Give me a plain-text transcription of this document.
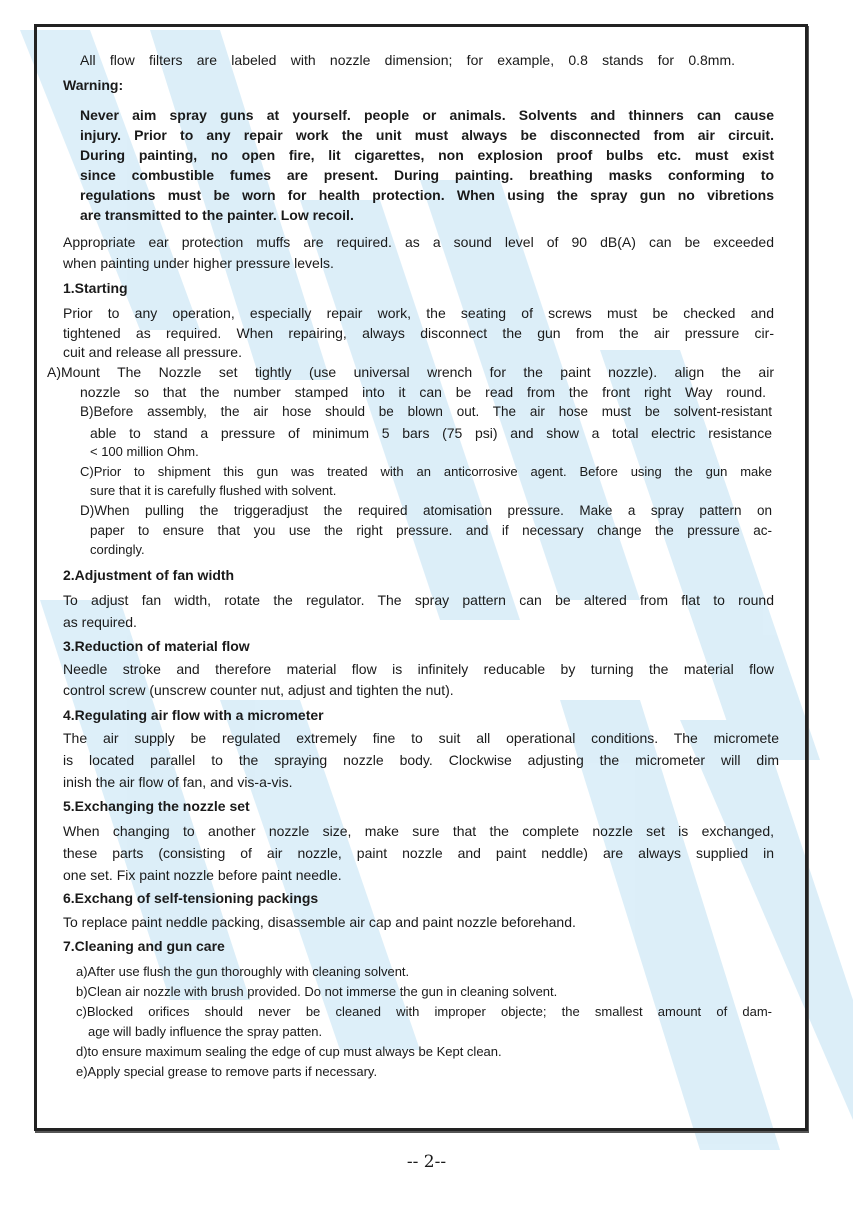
All flow filters are labeled with nozzle dimension; for example, 0.8 stands for 0.8mm.
Warning:
Never aim spray guns at yourself. people or animals. Solvents and thinners can cause
injury. Prior to any repair work the unit must always be disconnected from air circuit.
During painting, no open fire, lit cigarettes, non explosion proof bulbs etc. must exist
since combustible fumes are present. During painting. breathing masks conforming to
regulations must be worn for health protection. When using the spray gun no vibretions
are transmitted to the painter. Low recoil.
Appropriate ear protection muffs are required. as a sound level of 90 dB(A) can be exceeded
when painting under higher pressure levels.
1.Starting
Prior to any operation, especially repair work, the seating of screws must be checked and
tightened as required. When repairing, always disconnect the gun from the air pressure cir-
cuit and release all pressure.
A)Mount The Nozzle set tightly (use universal wrench for the paint nozzle). align the air
nozzle so that the number stamped into it can be read from the front right Way round.
B)Before assembly, the air hose should be blown out. The air hose must be solvent-resistant
able to stand a pressure of minimum 5 bars (75 psi) and show a total electric resistance
< 100 million Ohm.
C)Prior to shipment this gun was treated with an anticorrosive agent. Before using the gun make
sure that it is carefully flushed with solvent.
D)When pulling the triggeradjust the required atomisation pressure. Make a spray pattern on
paper to ensure that you use the right pressure. and if necessary change the pressure ac-
cordingly.
2.Adjustment of fan width
To adjust fan width, rotate the regulator. The spray pattern can be altered from flat to round
as required.
3.Reduction of material flow
Needle stroke and therefore material flow is infinitely reducable by turning the material flow
control screw (unscrew counter nut, adjust and tighten the nut).
4.Regulating air flow with a micrometer
The air supply be regulated extremely fine to suit all operational conditions. The micromete
is located parallel to the spraying nozzle body. Clockwise adjusting the micrometer will dim
inish the air flow of fan, and vis-a-vis.
5.Exchanging the nozzle set
When changing to another nozzle size, make sure that the complete nozzle set is exchanged,
these parts (consisting of air nozzle, paint nozzle and paint neddle) are always supplied in
one set. Fix paint nozzle before paint needle.
6.Exchang of self-tensioning packings
To replace paint neddle packing, disassemble air cap and paint nozzle beforehand.
7.Cleaning and gun care
a)After use flush the gun thoroughly with cleaning solvent.
b)Clean air nozzle with brush provided. Do not immerse the gun in cleaning solvent.
c)Blocked orifices should never be cleaned with improper objecte; the smallest amount of dam-
age will badly influence the spray patten.
d)to ensure maximum sealing the edge of cup must always be Kept clean.
e)Apply special grease to remove parts if necessary.
-- 2--
